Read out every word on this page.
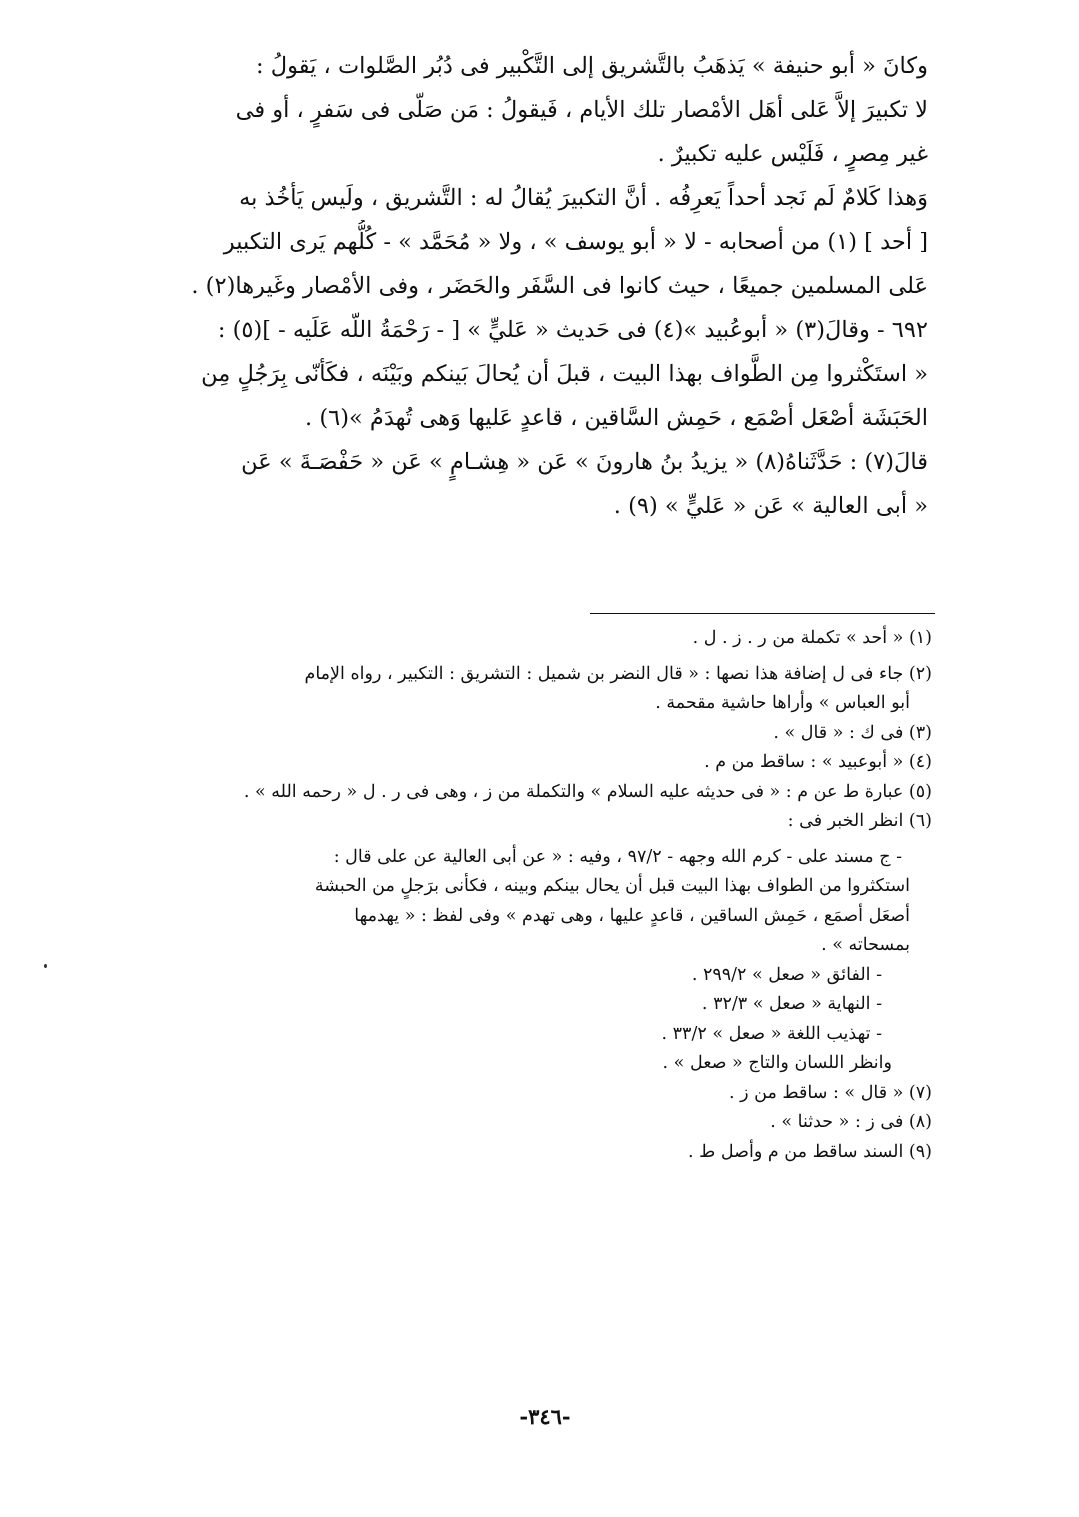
وكانَ « أبو حنيفة » يَذهَبُ بالتَّشريق إلى التَّكْبير فى دُبُر الصَّلوات ، يَقولُ :
لا تكبيرَ إلاَّ عَلى أهَل الأمْصار تلك الأيام ، فَيقولُ : مَن صَلّى فى سَفرٍ ، أو فى
غير مِصرٍ ، فَلَيْس عليه تكبيرٌ .
وَهذا كَلامٌ لَم نَجد أحداً يَعرِفُه . أنَّ التكبيرَ يُقالُ له : التَّشريق ، ولَيس يَأخُذ به
[ أحد ] (١) من أصحابه - لا « أبو يوسف » ، ولا « مُحَمَّد » - كُلُّهم يَرى التكبير
عَلى المسلمين جميعًا ، حيث كانوا فى السَّفَر والحَضَر ، وفى الأمْصار وغَيرها(٢) .
٦٩٢ - وقالَ(٣) « أبوعُبيد »(٤) فى حَديث « عَليٍّ » [ - رَحْمَةُ اللّه عَلَيه - ](٥) :
« استَكْثروا مِن الطَّواف بهذا البيت ، قبلَ أن يُحالَ بَينكم وبَيْنَه ، فكَأنّى بِرَجُلٍ مِن
الحَبَشَة أصْعَل أصْمَع ، حَمِش السَّاقين ، قاعدٍ عَليها وَهى تُهدَمُ »(٦) .
قالَ(٧) : حَدَّثَناهُ(٨) « يزيدُ بنُ هارونَ » عَن « هِشـامٍ » عَن « حَفْصَـةَ » عَن
« أبى العالية » عَن « عَليٍّ » (٩) .
(١) « أحد » تكملة من ر . ز . ل .
(٢) جاء فى ل إضافة هذا نصها : « قال النضر بن شميل : التشريق : التكبير ، رواه الإمام
أبو العباس » وأراها حاشية مقحمة .
(٣) فى ك : « قال » .
(٤) « أبوعبيد » : ساقط من م .
(٥) عبارة ط عن م : « فى حديثه عليه السلام » والتكملة من ز ، وهى فى ر . ل « رحمه الله » .
(٦) انظر الخبر فى :
- ج مسند على - كرم الله وجهه - ٩٧/٢ ، وفيه : « عن أبى العالية عن على قال :
استكثروا من الطواف بهذا البيت قبل أن يحال بينكم وبينه ، فكأنى برَجلٍ من الحبشة
أصعَل أصمَع ، حَمِش الساقين ، قاعدٍ عليها ، وهى تهدم » وفى لفظ : « يهدمها
بمسحاته » .
- الفائق « صعل » ٢٩٩/٢ .
- النهاية « صعل » ٣٢/٣ .
- تهذيب اللغة « صعل » ٣٣/٢ .
وانظر اللسان والتاج « صعل » .
(٧) « قال » : ساقط من ز .
(٨) فى ز : « حدثنا » .
(٩) السند ساقط من م وأصل ط .
-٣٤٦-
